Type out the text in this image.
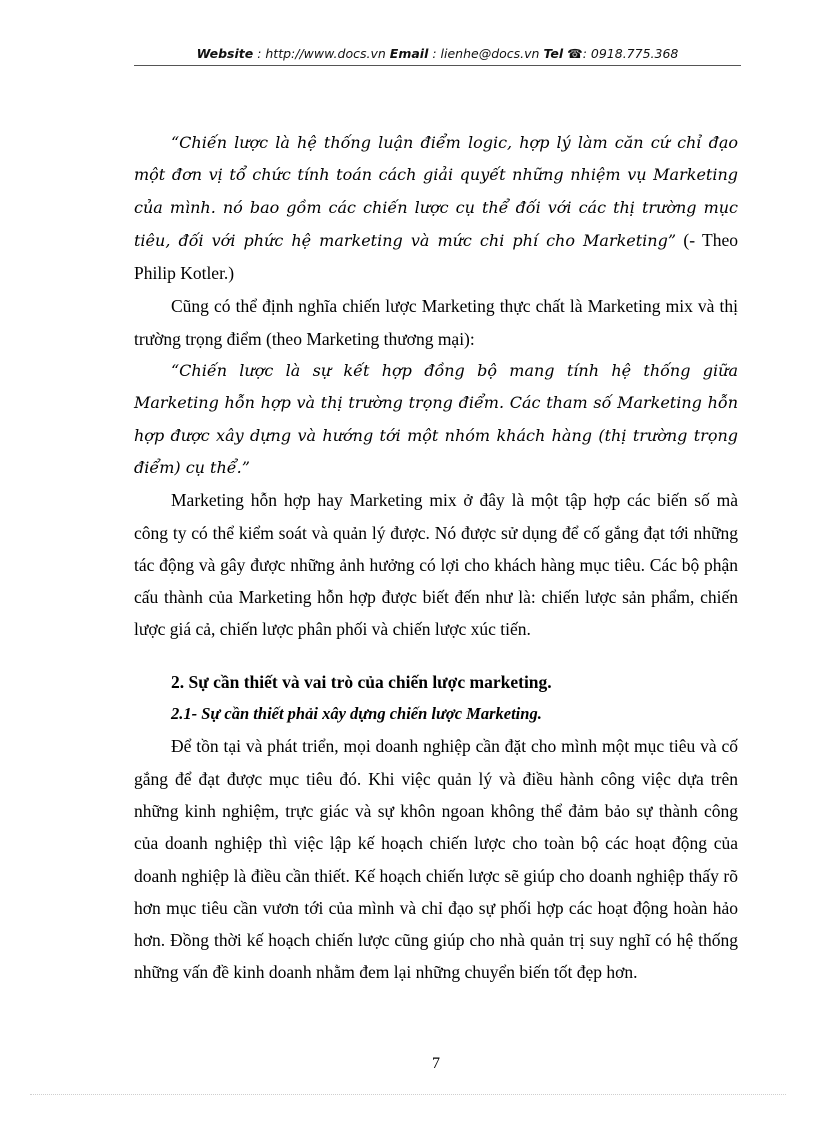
Website : http://www.docs.vn Email : lienhe@docs.vn Tel ☎: 0918.775.368

“Chiến lược là hệ thống luận điểm logic, hợp lý làm căn cứ chỉ đạo một đơn vị tổ chức tính toán cách giải quyết những nhiệm vụ Marketing của mình. nó bao gồm các chiến lược cụ thể đối với các thị trường mục tiêu, đối với phức hệ marketing và mức chi phí cho Marketing” (- Theo Philip Kotler.)

Cũng có thể định nghĩa chiến lược Marketing thực chất là Marketing mix và thị trường trọng điểm (theo Marketing thương mại):

“Chiến lược là sự kết hợp đồng bộ mang tính hệ thống giữa Marketing hỗn hợp và thị trường trọng điểm. Các tham số Marketing hỗn hợp được xây dựng và hướng tới một nhóm khách hàng (thị trường trọng điểm) cụ thể.”

Marketing hỗn hợp hay Marketing mix ở đây là một tập hợp các biến số mà công ty có thể kiểm soát và quản lý được. Nó được sử dụng để cố gắng đạt tới những tác động và gây được những ảnh hưởng có lợi cho khách hàng mục tiêu. Các bộ phận cấu thành của Marketing hỗn hợp được biết đến như là: chiến lược sản phẩm, chiến lược giá cả, chiến lược phân phối và chiến lược xúc tiến.

2. Sự cần thiết và vai trò của chiến lược marketing.

2.1- Sự cần thiết phải xây dựng chiến lược Marketing.

Để tồn tại và phát triển, mọi doanh nghiệp cần đặt cho mình một mục tiêu và cố gắng để đạt được mục tiêu đó. Khi việc quản lý và điều hành công việc dựa trên những kinh nghiệm, trực giác và sự khôn ngoan không thể đảm bảo sự thành công của doanh nghiệp thì việc lập kế hoạch chiến lược cho toàn bộ các hoạt động của doanh nghiệp là điều cần thiết. Kế hoạch chiến lược sẽ giúp cho doanh nghiệp thấy rõ hơn mục tiêu cần vươn tới của mình và chỉ đạo sự phối hợp các hoạt động hoàn hảo hơn. Đồng thời kế hoạch chiến lược cũng giúp cho nhà quản trị suy nghĩ có hệ thống những vấn đề kinh doanh nhằm đem lại những chuyển biến tốt đẹp hơn.

7
